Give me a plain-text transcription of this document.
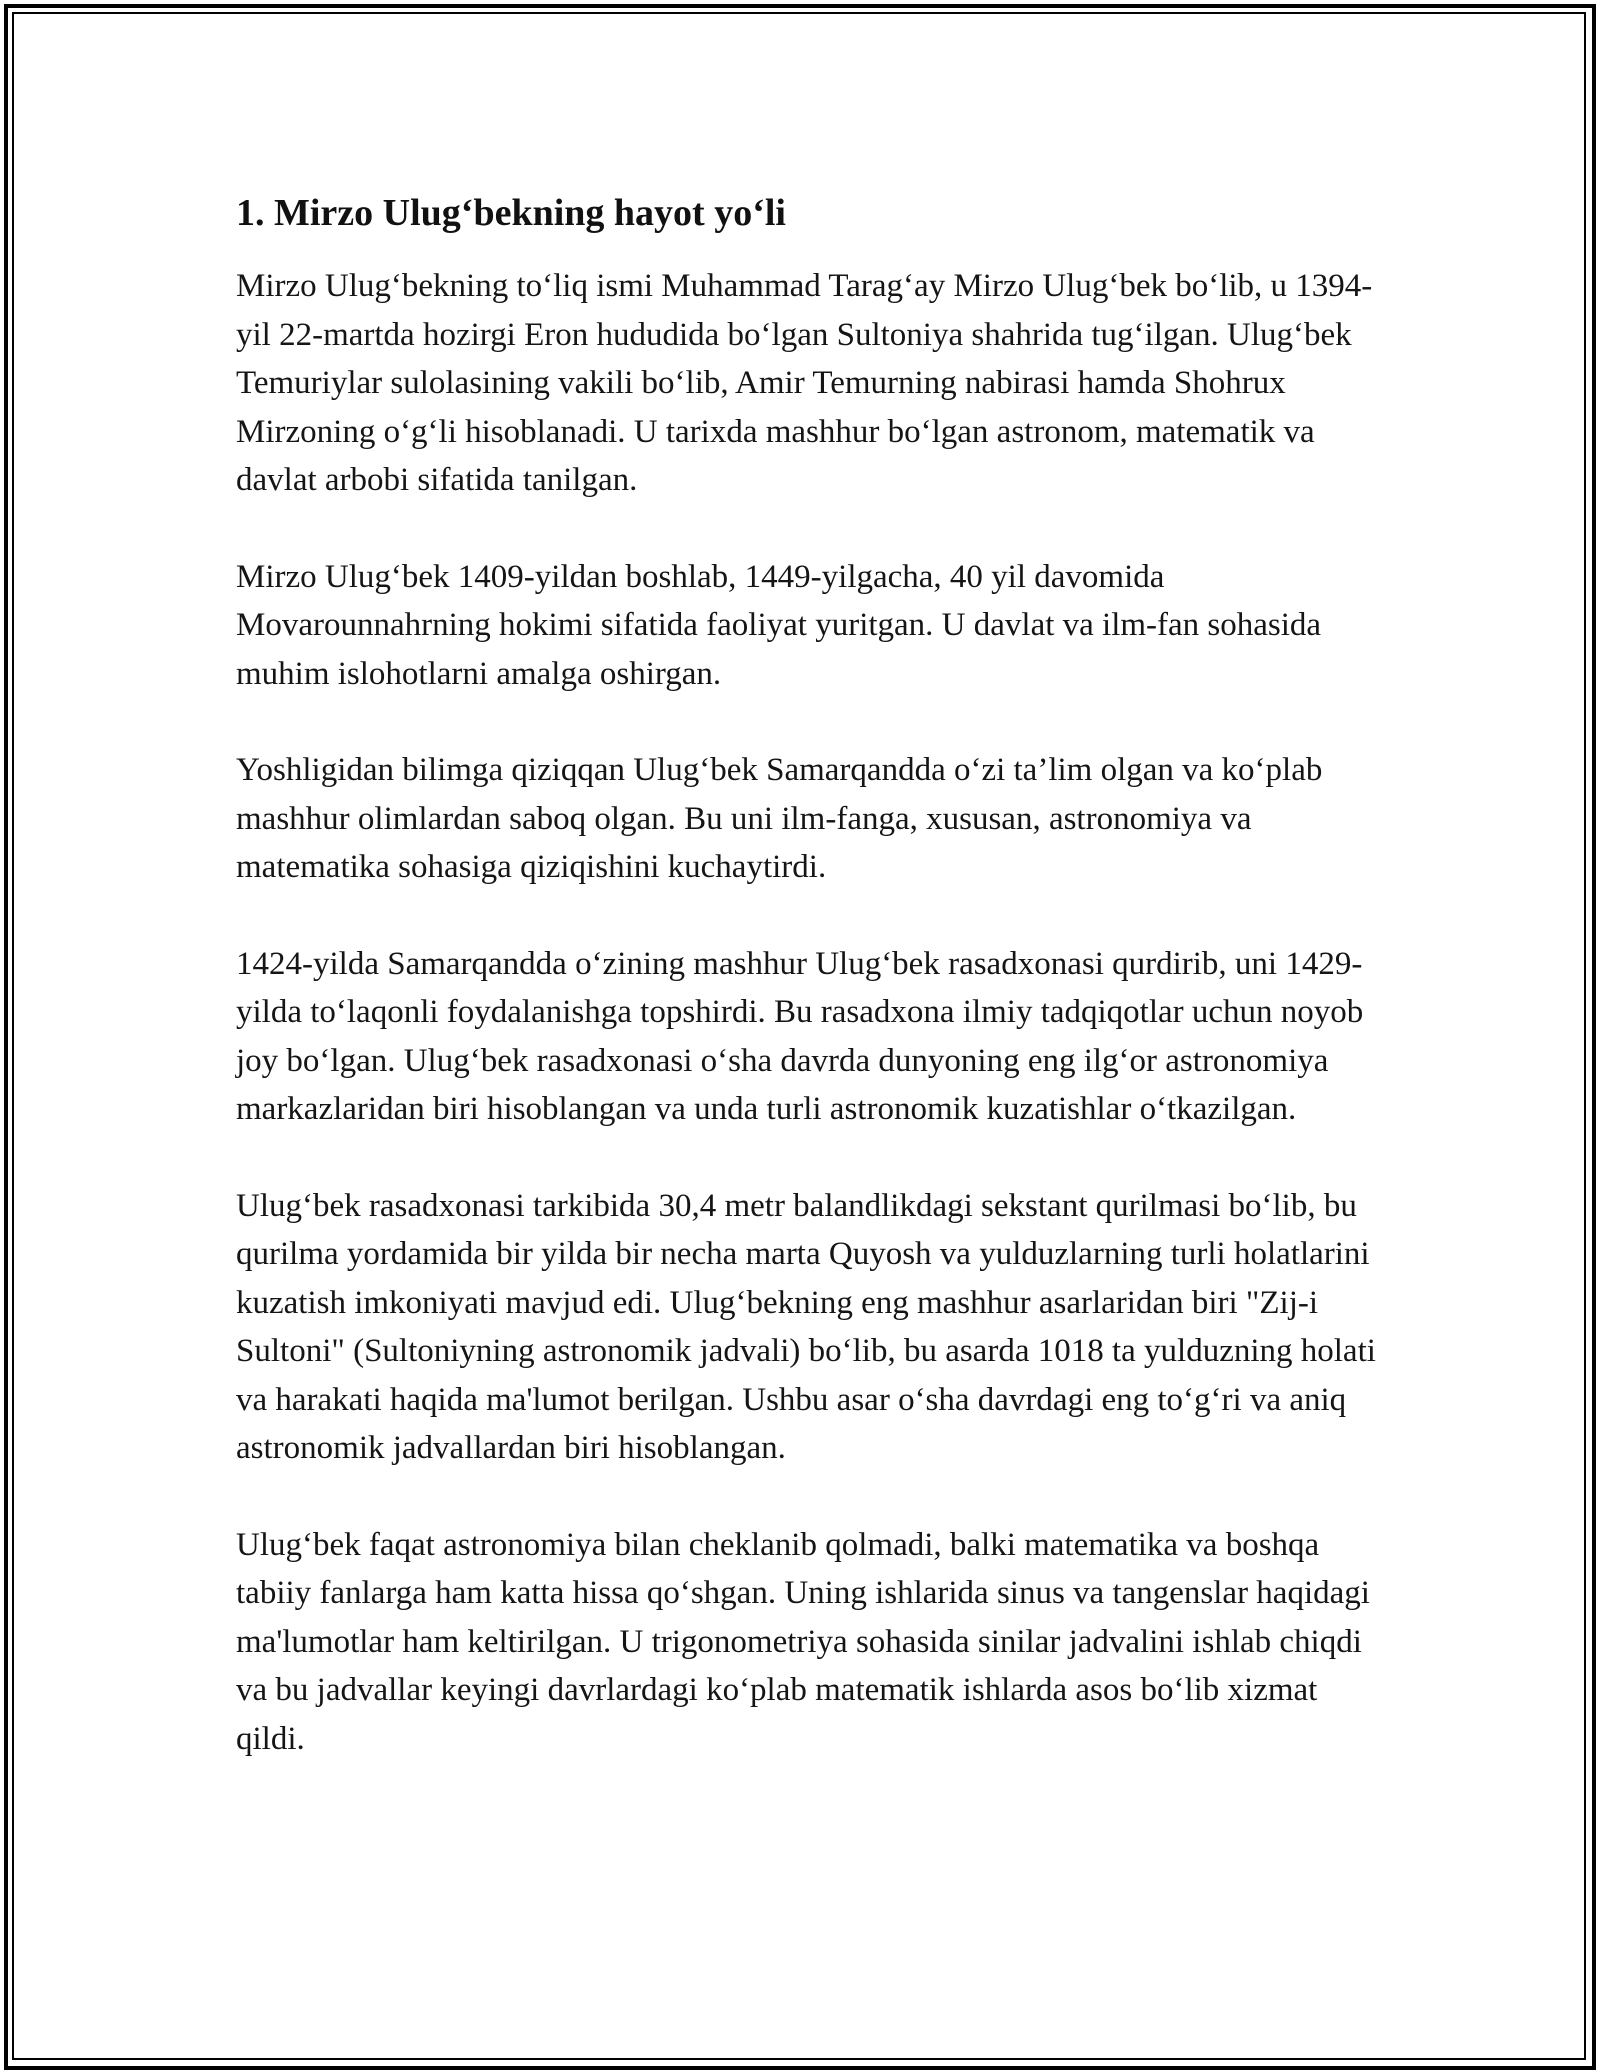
1. Mirzo Ulug‘bekning hayot yo‘li

Mirzo Ulug‘bekning to‘liq ismi Muhammad Tarag‘ay Mirzo Ulug‘bek bo‘lib, u 1394-yil 22-martda hozirgi Eron hududida bo‘lgan Sultoniya shahrida tug‘ilgan. Ulug‘bek Temuriylar sulolasining vakili bo‘lib, Amir Temurning nabirasi hamda Shohrux Mirzoning o‘g‘li hisoblanadi. U tarixda mashhur bo‘lgan astronom, matematik va davlat arbobi sifatida tanilgan.

Mirzo Ulug‘bek 1409-yildan boshlab, 1449-yilgacha, 40 yil davomida Movarounnahrning hokimi sifatida faoliyat yuritgan. U davlat va ilm-fan sohasida muhim islohotlarni amalga oshirgan.

Yoshligidan bilimga qiziqqan Ulug‘bek Samarqandda o‘zi ta’lim olgan va ko‘plab mashhur olimlardan saboq olgan. Bu uni ilm-fanga, xususan, astronomiya va matematika sohasiga qiziqishini kuchaytirdi.

1424-yilda Samarqandda o‘zining mashhur Ulug‘bek rasadxonasi qurdirib, uni 1429-yilda to‘laqonli foydalanishga topshirdi. Bu rasadxona ilmiy tadqiqotlar uchun noyob joy bo‘lgan. Ulug‘bek rasadxonasi o‘sha davrda dunyoning eng ilg‘or astronomiya markazlaridan biri hisoblangan va unda turli astronomik kuzatishlar o‘tkazilgan.

Ulug‘bek rasadxonasi tarkibida 30,4 metr balandlikdagi sekstant qurilmasi bo‘lib, bu qurilma yordamida bir yilda bir necha marta Quyosh va yulduzlarning turli holatlarini kuzatish imkoniyati mavjud edi. Ulug‘bekning eng mashhur asarlaridan biri "Zij-i Sultoni" (Sultoniyning astronomik jadvali) bo‘lib, bu asarda 1018 ta yulduzning holati va harakati haqida ma'lumot berilgan. Ushbu asar o‘sha davrdagi eng to‘g‘ri va aniq astronomik jadvallardan biri hisoblangan.

Ulug‘bek faqat astronomiya bilan cheklanib qolmadi, balki matematika va boshqa tabiiy fanlarga ham katta hissa qo‘shgan. Uning ishlarida sinus va tangenslar haqidagi ma'lumotlar ham keltirilgan. U trigonometriya sohasida sinilar jadvalini ishlab chiqdi va bu jadvallar keyingi davrlardagi ko‘plab matematik ishlarda asos bo‘lib xizmat qildi.
